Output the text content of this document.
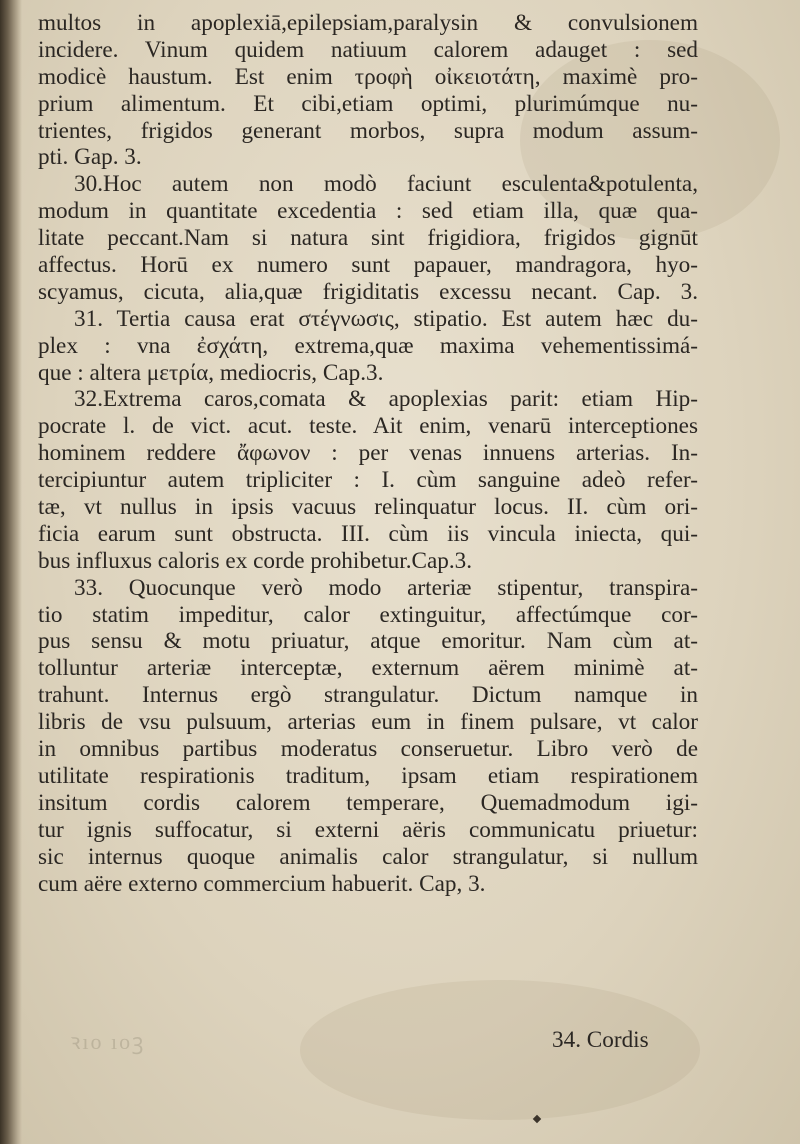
multos in apoplexiā,epilepsiam,paralysin & convulsionem
incidere. Vinum quidem natiuum calorem adauget : sed
modicè haustum. Est enim τροφὴ οἰκειοτάτη, maximè pro-
prium alimentum. Et cibi,etiam optimi, plurimúmque nu-
trientes, frigidos generant morbos, supra modum assum-
pti. Gap. 3.
30.Hoc autem non modò faciunt esculenta&potulenta,
modum in quantitate excedentia : sed etiam illa, quæ qua-
litate peccant.Nam si natura sint frigidiora, frigidos gignūt
affectus. Horū ex numero sunt papauer, mandragora, hyo-
scyamus, cicuta, alia,quæ frigiditatis excessu necant. Cap. 3.
31. Tertia causa erat στέγνωσις, stipatio. Est autem hæc du-
plex : vna ἐσχάτη, extrema,quæ maxima vehementissimá-
que : altera μετρία, mediocris, Cap.3.
32.Extrema caros,comata & apoplexias parit: etiam Hip-
pocrate l. de vict. acut. teste. Ait enim, venarū interceptiones
hominem reddere ἄφωνον : per venas innuens arterias. In-
tercipiuntur autem tripliciter : I. cùm sanguine adeò refer-
tæ, vt nullus in ipsis vacuus relinquatur locus. II. cùm ori-
ficia earum sunt obstructa. III. cùm iis vincula iniecta, qui-
bus influxus caloris ex corde prohibetur.Cap.3.
33. Quocunque verò modo arteriæ stipentur, transpira-
tio statim impeditur, calor extinguitur, affectúmque cor-
pus sensu & motu priuatur, atque emoritur. Nam cùm at-
tolluntur arteriæ interceptæ, externum aërem minimè at-
trahunt. Internus ergò strangulatur. Dictum namque in
libris de vsu pulsuum, arterias eum in finem pulsare, vt calor
in omnibus partibus moderatus conseruetur. Libro verò de
utilitate respirationis traditum, ipsam etiam respirationem
insitum cordis calorem temperare, Quemadmodum igi-
tur ignis suffocatur, si externi aëris communicatu priuetur:
sic internus quoque animalis calor strangulatur, si nullum
cum aëre externo commercium habuerit. Cap, 3.
ꝛıo ıoꝫ	34. Cordis
